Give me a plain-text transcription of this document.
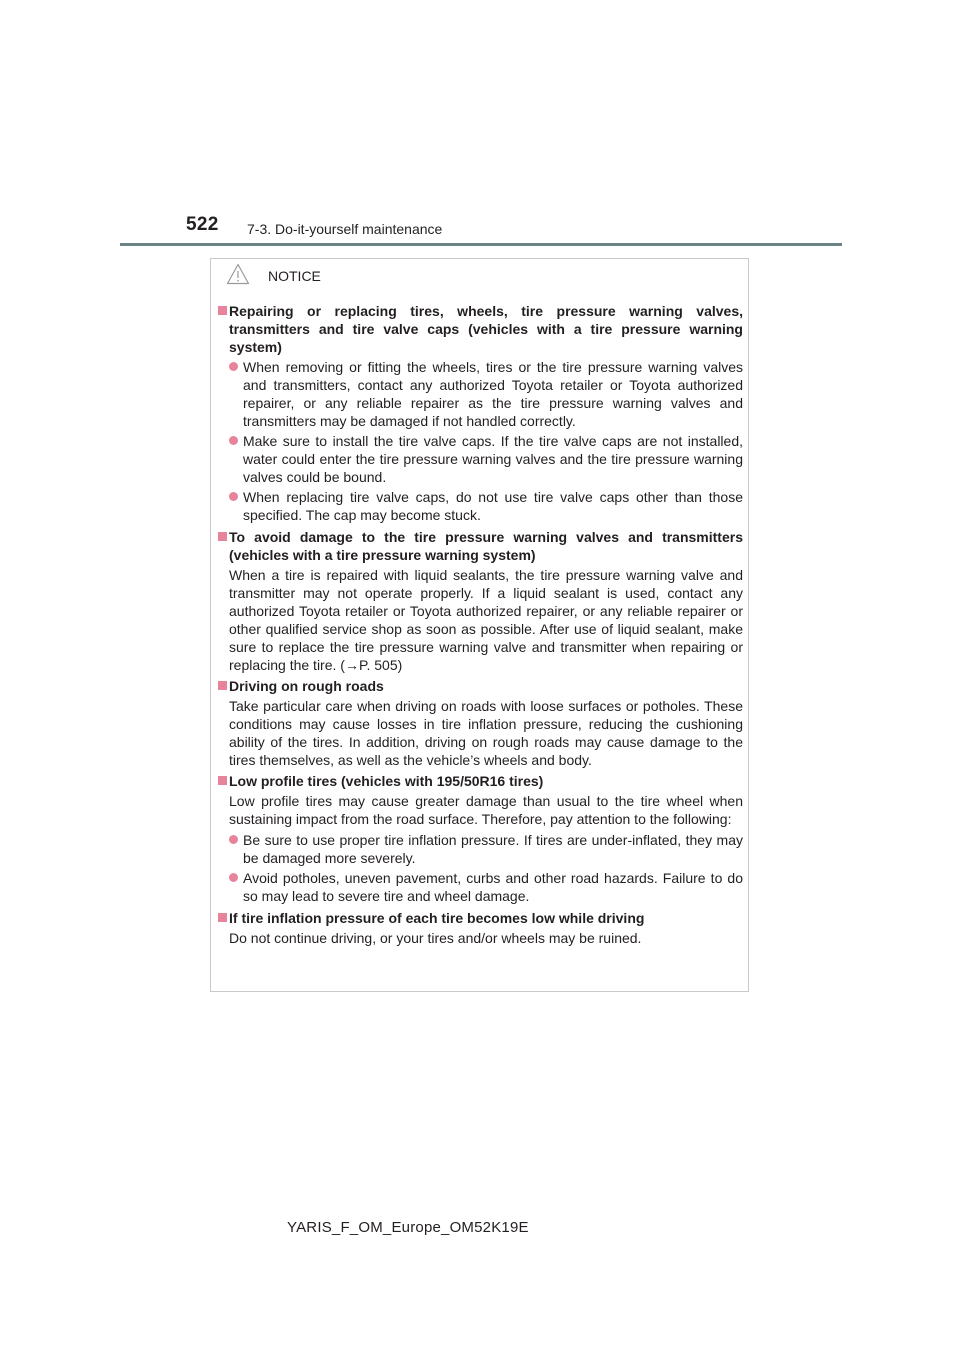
522 7-3. Do-it-yourself maintenance
NOTICE
Repairing or replacing tires, wheels, tire pressure warning valves, transmitters and tire valve caps (vehicles with a tire pressure warning system)
When removing or fitting the wheels, tires or the tire pressure warning valves and transmitters, contact any authorized Toyota retailer or Toyota authorized repairer, or any reliable repairer as the tire pressure warning valves and transmitters may be damaged if not handled correctly.
Make sure to install the tire valve caps. If the tire valve caps are not installed, water could enter the tire pressure warning valves and the tire pressure warning valves could be bound.
When replacing tire valve caps, do not use tire valve caps other than those specified. The cap may become stuck.
To avoid damage to the tire pressure warning valves and transmitters (vehicles with a tire pressure warning system)
When a tire is repaired with liquid sealants, the tire pressure warning valve and transmitter may not operate properly. If a liquid sealant is used, contact any authorized Toyota retailer or Toyota authorized repairer, or any reliable repairer or other qualified service shop as soon as possible. After use of liquid sealant, make sure to replace the tire pressure warning valve and transmitter when repairing or replacing the tire. (→P. 505)
Driving on rough roads
Take particular care when driving on roads with loose surfaces or potholes. These conditions may cause losses in tire inflation pressure, reducing the cushioning ability of the tires. In addition, driving on rough roads may cause damage to the tires themselves, as well as the vehicle’s wheels and body.
Low profile tires (vehicles with 195/50R16 tires)
Low profile tires may cause greater damage than usual to the tire wheel when sustaining impact from the road surface. Therefore, pay attention to the following:
Be sure to use proper tire inflation pressure. If tires are under-inflated, they may be damaged more severely.
Avoid potholes, uneven pavement, curbs and other road hazards. Failure to do so may lead to severe tire and wheel damage.
If tire inflation pressure of each tire becomes low while driving
Do not continue driving, or your tires and/or wheels may be ruined.
YARIS_F_OM_Europe_OM52K19E
